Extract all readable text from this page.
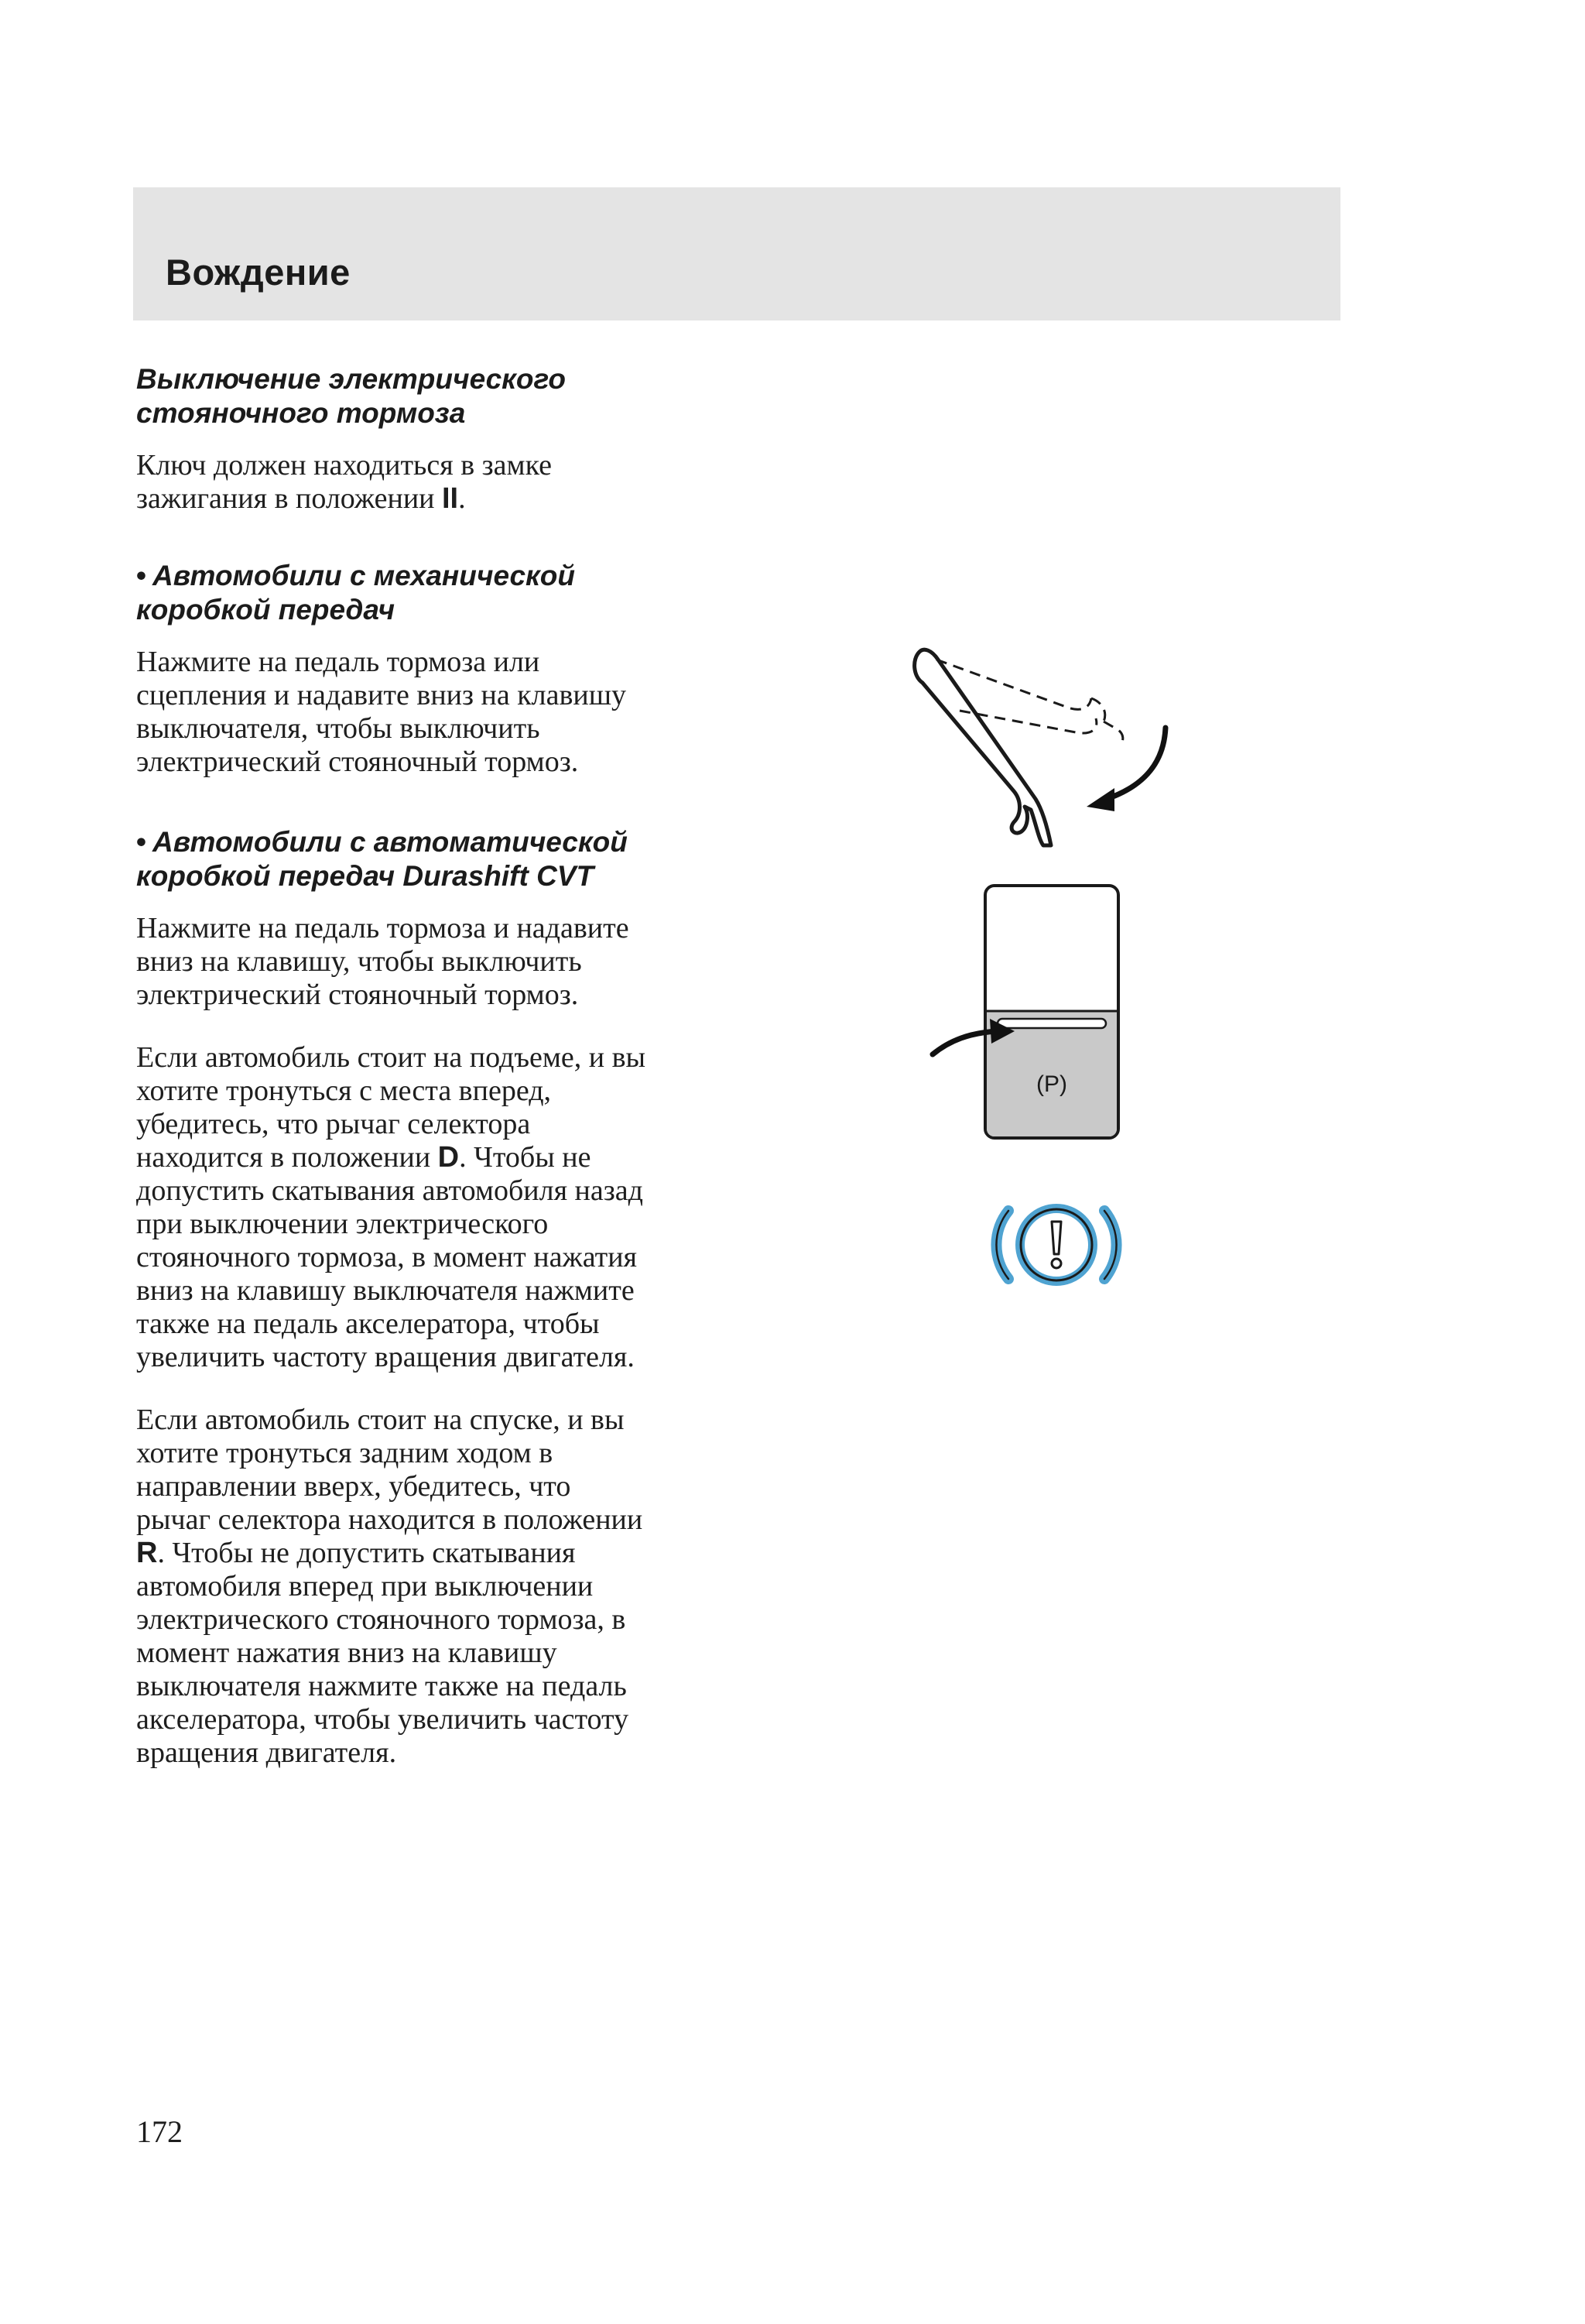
Вождение
Выключение электрического
стояночного тормоза
Ключ должен находиться в замке
зажигания в положении II.
• Автомобили с механической
коробкой передач
Нажмите на педаль тормоза или
сцепления и надавите вниз на клавишу
выключателя, чтобы выключить
электрический стояночный тормоз.
• Автомобили с автоматической
коробкой передач Durashift CVT
Нажмите на педаль тормоза и надавите
вниз на клавишу, чтобы выключить
электрический стояночный тормоз.
Если автомобиль стоит на подъеме, и вы
хотите тронуться с места вперед,
убедитесь, что рычаг селектора
находится в положении D. Чтобы не
допустить скатывания автомобиля назад
при выключении электрического
стояночного тормоза, в момент нажатия
вниз на клавишу выключателя нажмите
также на педаль акселератора, чтобы
увеличить частоту вращения двигателя.
Если автомобиль стоит на спуске, и вы
хотите тронуться задним ходом в
направлении вверх, убедитесь, что
рычаг селектора находится в положении
R. Чтобы не допустить скатывания
автомобиля вперед при выключении
электрического стояночного тормоза, в
момент нажатия вниз на клавишу
выключателя нажмите также на педаль
акселератора, чтобы увеличить частоту
вращения двигателя.
(P)
172
